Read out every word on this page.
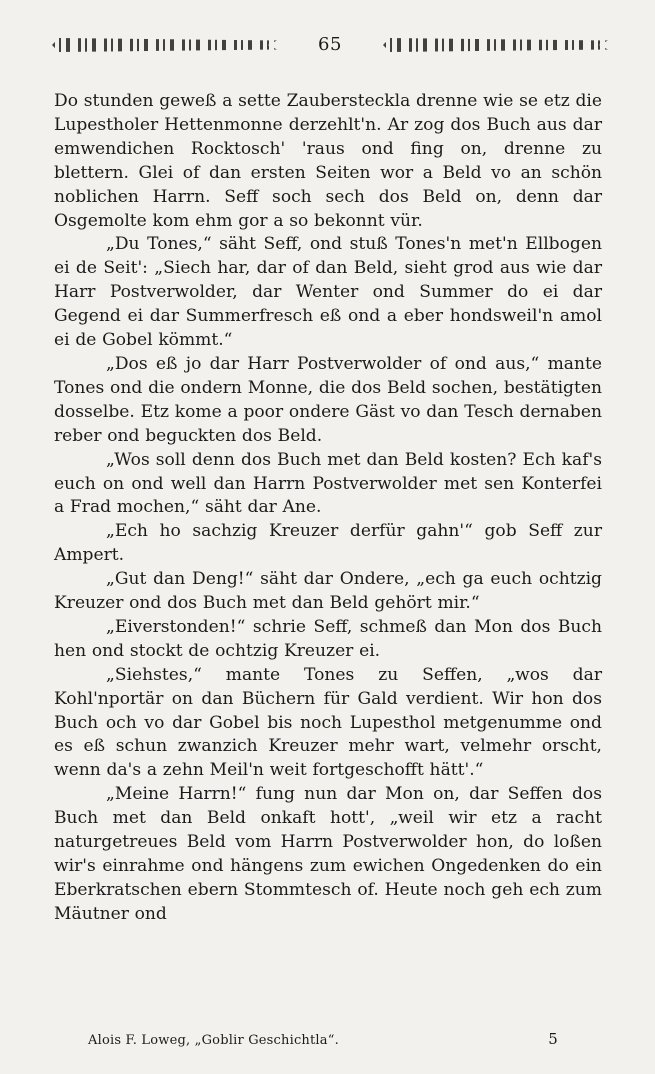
65

Do stunden geweß a sette Zaubersteckla drenne wie se etz die Lupestholer Hettenmonne derzehlt'n. Ar zog dos Buch aus dar emwendichen Rocktosch' 'raus ond fing on, drenne zu blettern. Glei of dan ersten Seiten wor a Beld vo an schön noblichen Harrn. Seff soch sech dos Beld on, denn dar Osgemolte kom ehm gor a so bekonnt vür.

„Du Tones,“ säht Seff, ond stuß Tones'n met'n Ellbogen ei de Seit': „Siech har, dar of dan Beld, sieht grod aus wie dar Harr Postverwolder, dar Wenter ond Summer do ei dar Gegend ei dar Summerfresch eß ond a eber hondsweil'n amol ei de Gobel kömmt.“

„Dos eß jo dar Harr Postverwolder of ond aus,“ mante Tones ond die ondern Monne, die dos Beld sochen, bestätigten dosselbe. Etz kome a poor ondere Gäst vo dan Tesch dernaben reber ond beguckten dos Beld.

„Wos soll denn dos Buch met dan Beld kosten? Ech kaf's euch on ond well dan Harrn Postverwolder met sen Konterfei a Frad mochen,“ säht dar Ane.

„Ech ho sachzig Kreuzer derfür gahn'“ gob Seff zur Ampert.

„Gut dan Deng!“ säht dar Ondere, „ech ga euch ochtzig Kreuzer ond dos Buch met dan Beld gehört mir.“

„Eiverstonden!“ schrie Seff, schmeß dan Mon dos Buch hen ond stockt de ochtzig Kreuzer ei.

„Siehstes,“ mante Tones zu Seffen, „wos dar Kohl'nportär on dan Büchern für Gald verdient. Wir hon dos Buch och vo dar Gobel bis noch Lupesthol metgenumme ond es eß schun zwanzich Kreuzer mehr wart, velmehr orscht, wenn da's a zehn Meil'n weit fortgeschofft hätt'.“

„Meine Harrn!“ fung nun dar Mon on, dar Seffen dos Buch met dan Beld onkaft hott', „weil wir etz a racht naturgetreues Beld vom Harrn Postverwolder hon, do loßen wir's einrahme ond hängens zum ewichen Ongedenken do ein Eberkratschen ebern Stommtesch of. Heute noch geh ech zum Mäutner ond

Alois F. Loweg, „Goblir Geschichtla“.	5
